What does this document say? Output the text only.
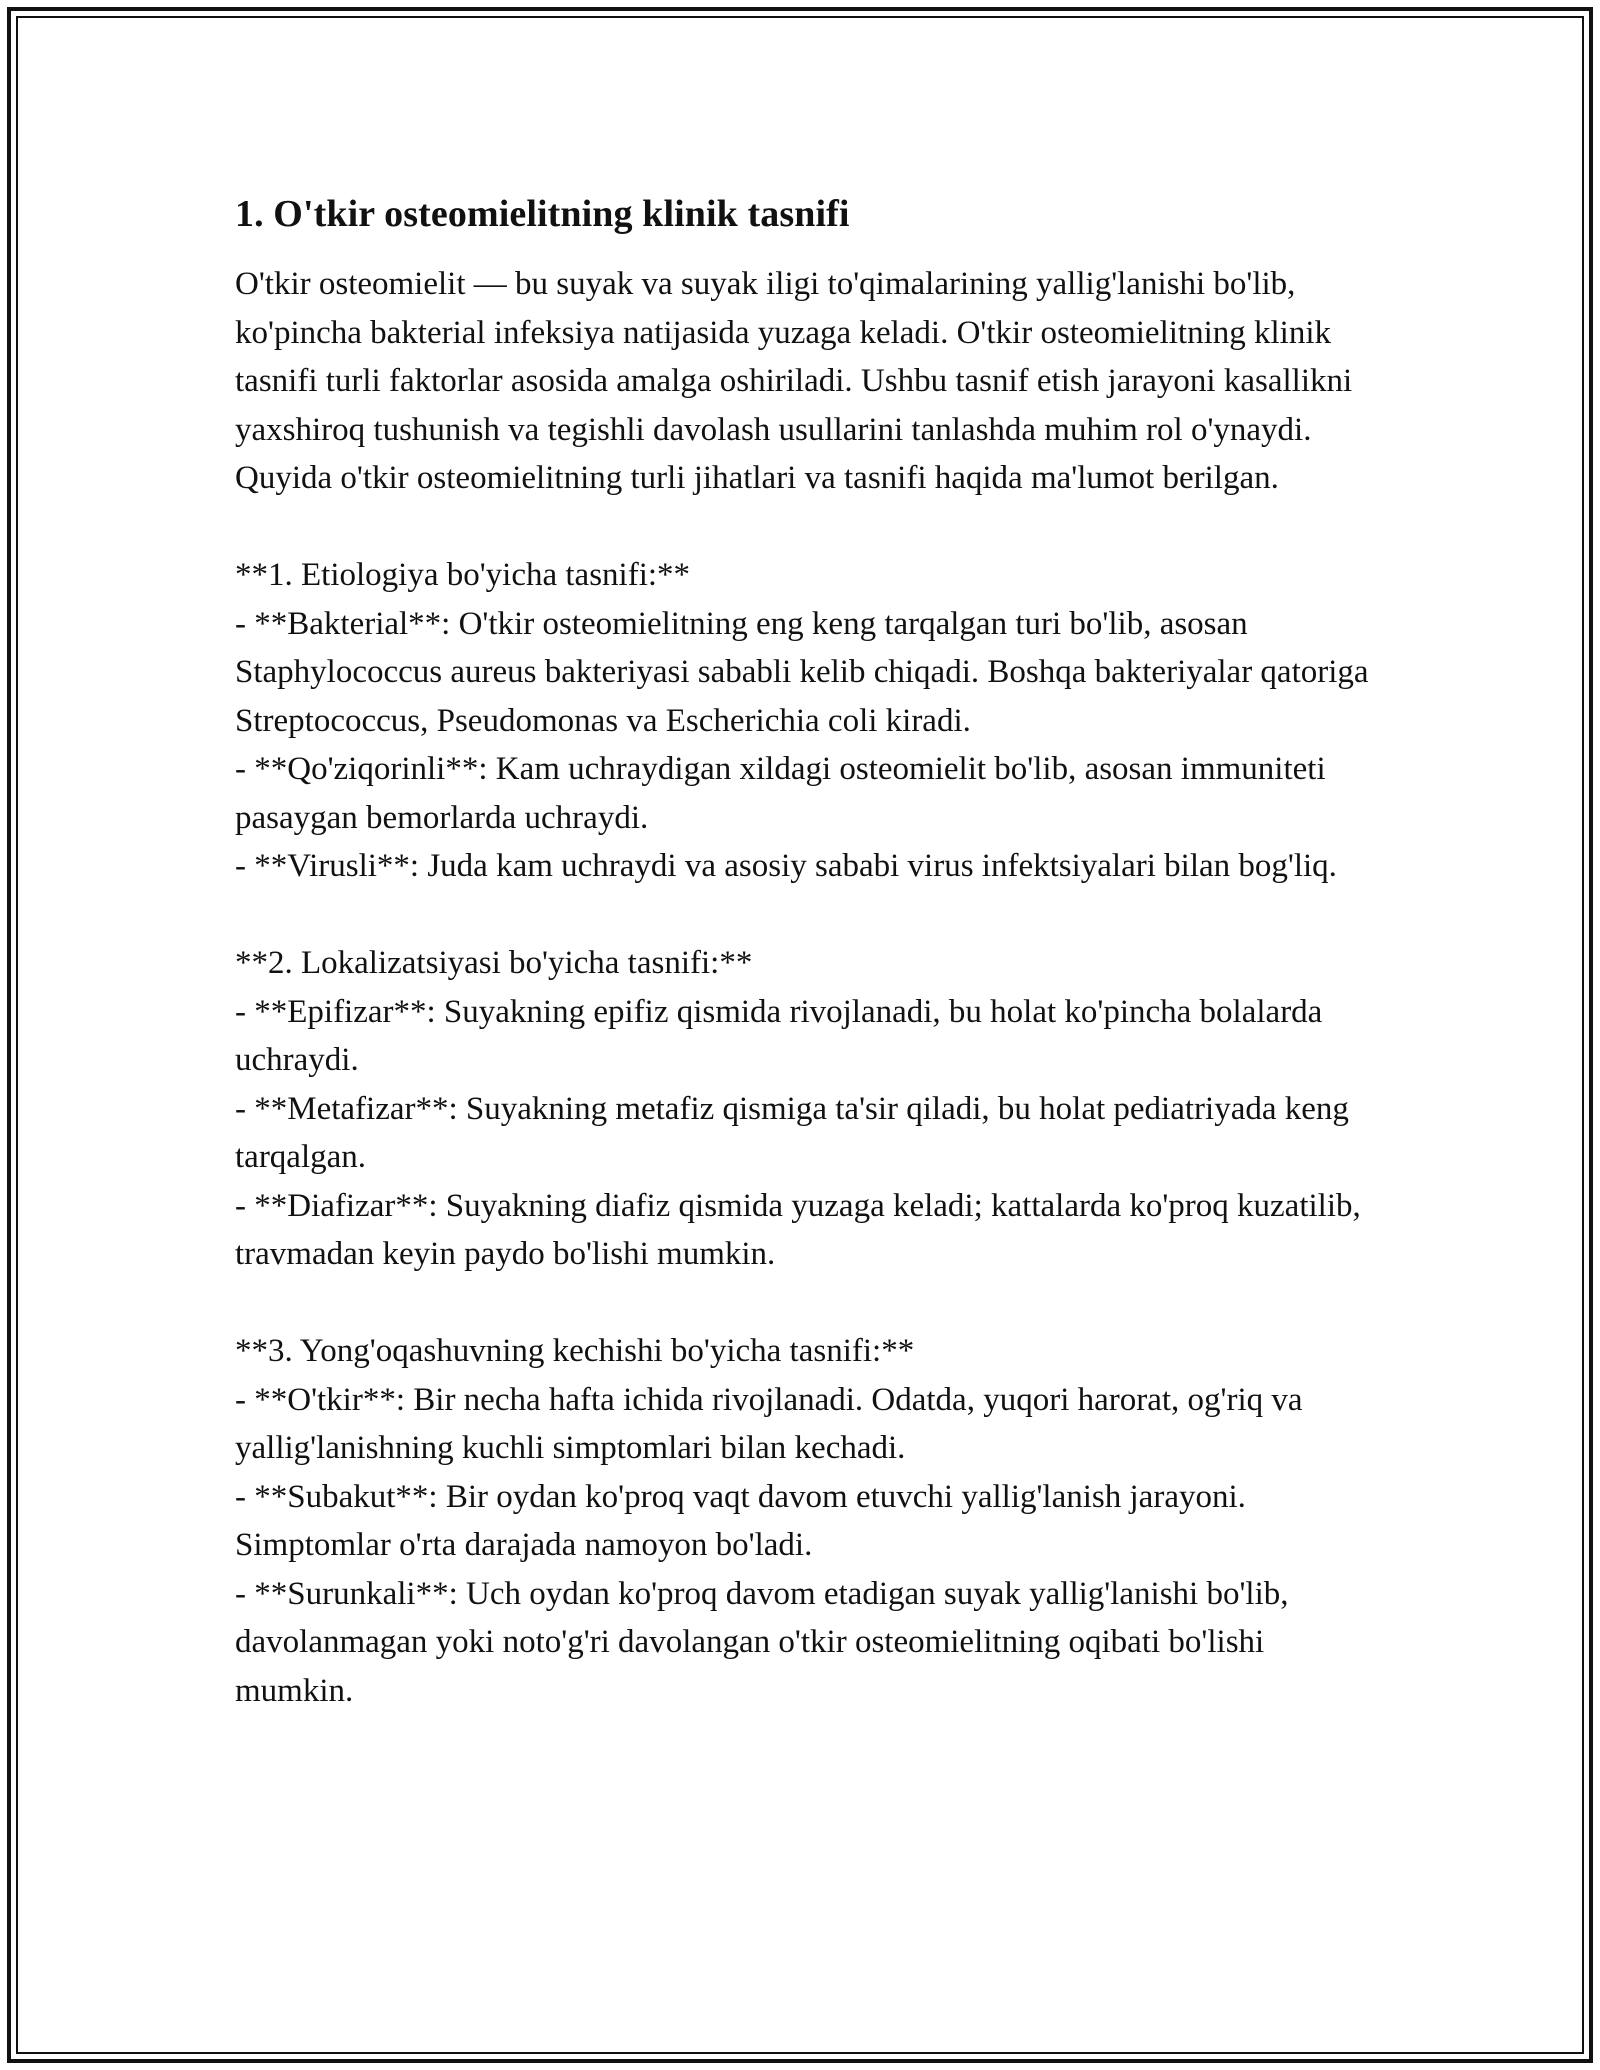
1. O'tkir osteomielitning klinik tasnifi

O'tkir osteomielit — bu suyak va suyak iligi to'qimalarining yallig'lanishi bo'lib, ko'pincha bakterial infeksiya natijasida yuzaga keladi. O'tkir osteomielitning klinik tasnifi turli faktorlar asosida amalga oshiriladi. Ushbu tasnif etish jarayoni kasallikni yaxshiroq tushunish va tegishli davolash usullarini tanlashda muhim rol o'ynaydi. Quyida o'tkir osteomielitning turli jihatlari va tasnifi haqida ma'lumot berilgan.

**1. Etiologiya bo'yicha tasnifi:**

- **Bakterial**: O'tkir osteomielitning eng keng tarqalgan turi bo'lib, asosan Staphylococcus aureus bakteriyasi sababli kelib chiqadi. Boshqa bakteriyalar qatoriga Streptococcus, Pseudomonas va Escherichia coli kiradi.

- **Qo'ziqorinli**: Kam uchraydigan xildagi osteomielit bo'lib, asosan immuniteti pasaygan bemorlarda uchraydi.

- **Virusli**: Juda kam uchraydi va asosiy sababi virus infektsiyalari bilan bog'liq.

**2. Lokalizatsiyasi bo'yicha tasnifi:**

- **Epifizar**: Suyakning epifiz qismida rivojlanadi, bu holat ko'pincha bolalarda uchraydi.

- **Metafizar**: Suyakning metafiz qismiga ta'sir qiladi, bu holat pediatriyada keng tarqalgan.

- **Diafizar**: Suyakning diafiz qismida yuzaga keladi; kattalarda ko'proq kuzatilib, travmadan keyin paydo bo'lishi mumkin.

**3. Yong'oqashuvning kechishi bo'yicha tasnifi:**

- **O'tkir**: Bir necha hafta ichida rivojlanadi. Odatda, yuqori harorat, og'riq va yallig'lanishning kuchli simptomlari bilan kechadi.

- **Subakut**: Bir oydan ko'proq vaqt davom etuvchi yallig'lanish jarayoni. Simptomlar o'rta darajada namoyon bo'ladi.

- **Surunkali**: Uch oydan ko'proq davom etadigan suyak yallig'lanishi bo'lib, davolanmagan yoki noto'g'ri davolangan o'tkir osteomielitning oqibati bo'lishi mumkin.
